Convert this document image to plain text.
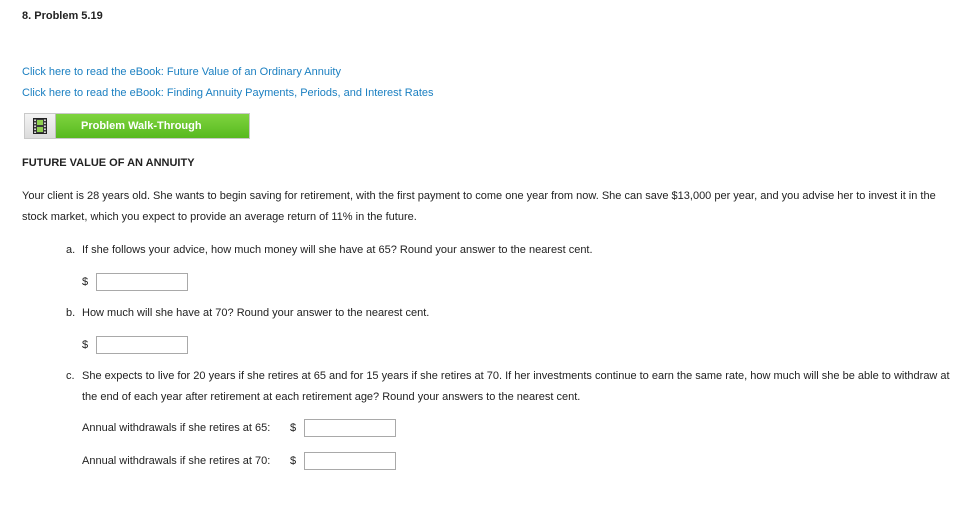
8. Problem 5.19
Click here to read the eBook: Future Value of an Ordinary Annuity
Click here to read the eBook: Finding Annuity Payments, Periods, and Interest Rates
Problem Walk-Through
FUTURE VALUE OF AN ANNUITY
Your client is 28 years old. She wants to begin saving for retirement, with the first payment to come one year from now. She can save $13,000 per year, and you advise her to invest it in the stock market, which you expect to provide an average return of 11% in the future.
a. If she follows your advice, how much money will she have at 65? Round your answer to the nearest cent.
$
b. How much will she have at 70? Round your answer to the nearest cent.
$
c. She expects to live for 20 years if she retires at 65 and for 15 years if she retires at 70. If her investments continue to earn the same rate, how much will she be able to withdraw at the end of each year after retirement at each retirement age? Round your answers to the nearest cent.
Annual withdrawals if she retires at 65:	$
Annual withdrawals if she retires at 70:	$
